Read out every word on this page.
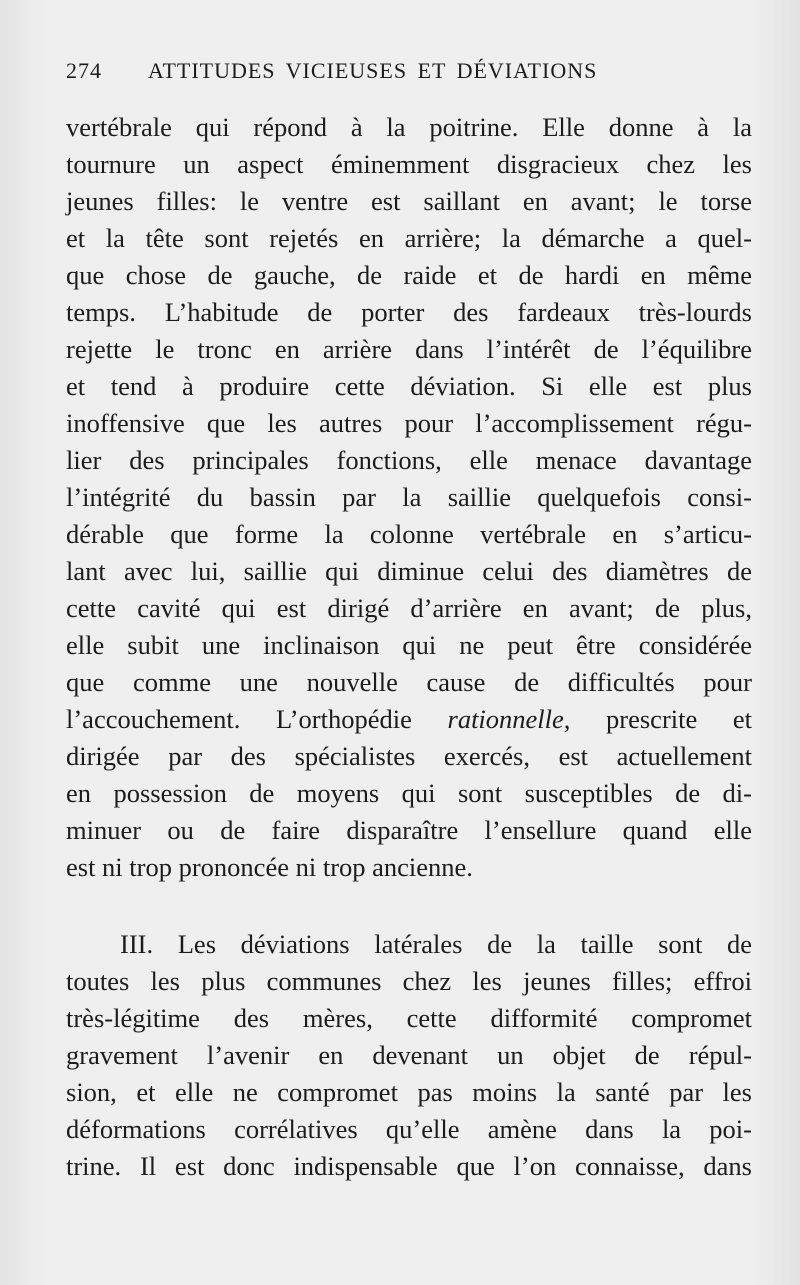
274 ATTITUDES VICIEUSES ET DÉVIATIONS
vertébrale qui répond à la poitrine. Elle donne à la
tournure un aspect éminemment disgracieux chez les
jeunes filles: le ventre est saillant en avant; le torse
et la tête sont rejetés en arrière; la démarche a quel-
que chose de gauche, de raide et de hardi en même
temps. L’habitude de porter des fardeaux très-lourds
rejette le tronc en arrière dans l’intérêt de l’équilibre
et tend à produire cette déviation. Si elle est plus
inoffensive que les autres pour l’accomplissement régu-
lier des principales fonctions, elle menace davantage
l’intégrité du bassin par la saillie quelquefois consi-
dérable que forme la colonne vertébrale en s’articu-
lant avec lui, saillie qui diminue celui des diamètres de
cette cavité qui est dirigé d’arrière en avant; de plus,
elle subit une inclinaison qui ne peut être considérée
que comme une nouvelle cause de difficultés pour
l’accouchement. L’orthopédie rationnelle, prescrite et
dirigée par des spécialistes exercés, est actuellement
en possession de moyens qui sont susceptibles de di-
minuer ou de faire disparaître l’ensellure quand elle
est ni trop prononcée ni trop ancienne.
III. Les déviations latérales de la taille sont de
toutes les plus communes chez les jeunes filles; effroi
très-légitime des mères, cette difformité compromet
gravement l’avenir en devenant un objet de répul-
sion, et elle ne compromet pas moins la santé par les
déformations corrélatives qu’elle amène dans la poi-
trine. Il est donc indispensable que l’on connaisse, dans
